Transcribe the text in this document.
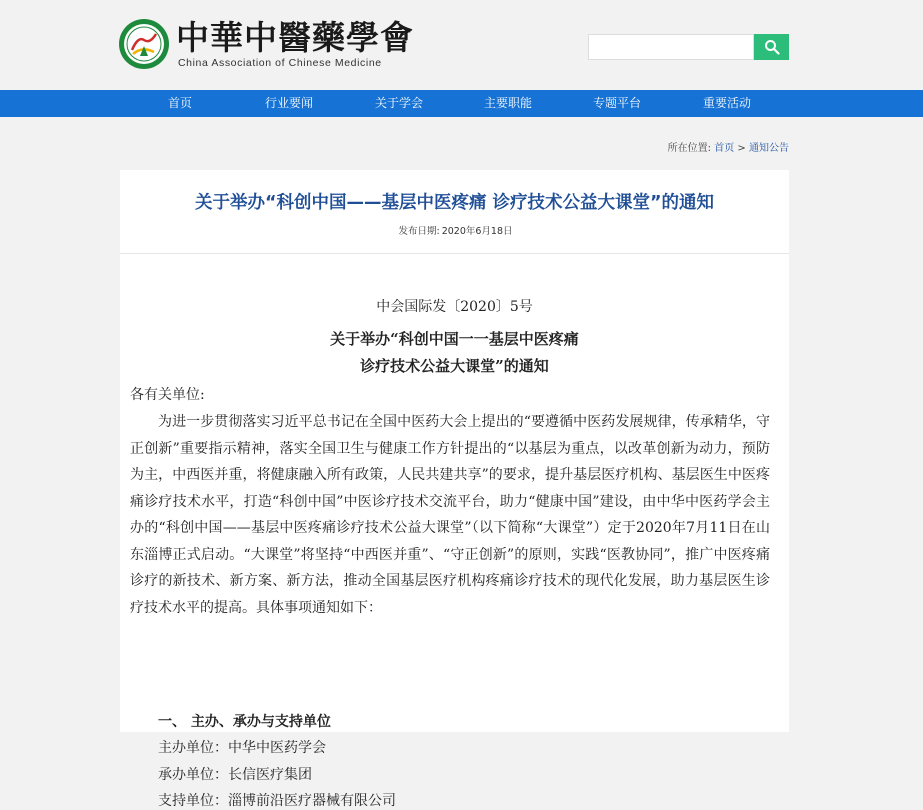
中華中醫藥學會
China Association of Chinese Medicine
首页	行业要闻	关于学会	主要职能	专题平台	重要活动
所在位置: 首页 > 通知公告
关于举办“科创中国——基层中医疼痛 诊疗技术公益大课堂”的通知
发布日期: 2020年6月18日
中会国际发〔2020〕5号
关于举办“科创中国一一基层中医疼痛
诊疗技术公益大课堂”的通知
各有关单位:
为进一步贯彻落实习近平总书记在全国中医药大会上提出的“要遵循中医药发展规律，传承精华，守正创新”重要指示精神，落实全国卫生与健康工作方针提出的“以基层为重点，以改革创新为动力，预防为主，中西医并重，将健康融入所有政策，人民共建共享”的要求，提升基层医疗机构、基层医生中医疼痛诊疗技术水平，打造“科创中国”中医诊疗技术交流平台，助力“健康中国”建设，由中华中医药学会主办的“科创中国——基层中医疼痛诊疗技术公益大课堂”（以下简称“大课堂”）定于2020年7月11日在山东淄博正式启动。“大课堂”将坚持“中西医并重”、“守正创新”的原则，实践“医教协同”，推广中医疼痛诊疗的新技术、新方案、新方法，推动全国基层医疗机构疼痛诊疗技术的现代化发展，助力基层医生诊疗技术水平的提高。具体事项通知如下：
一、 主办、承办与支持单位
主办单位：中华中医药学会
承办单位：长信医疗集团
支持单位：淄博前沿医疗器械有限公司
